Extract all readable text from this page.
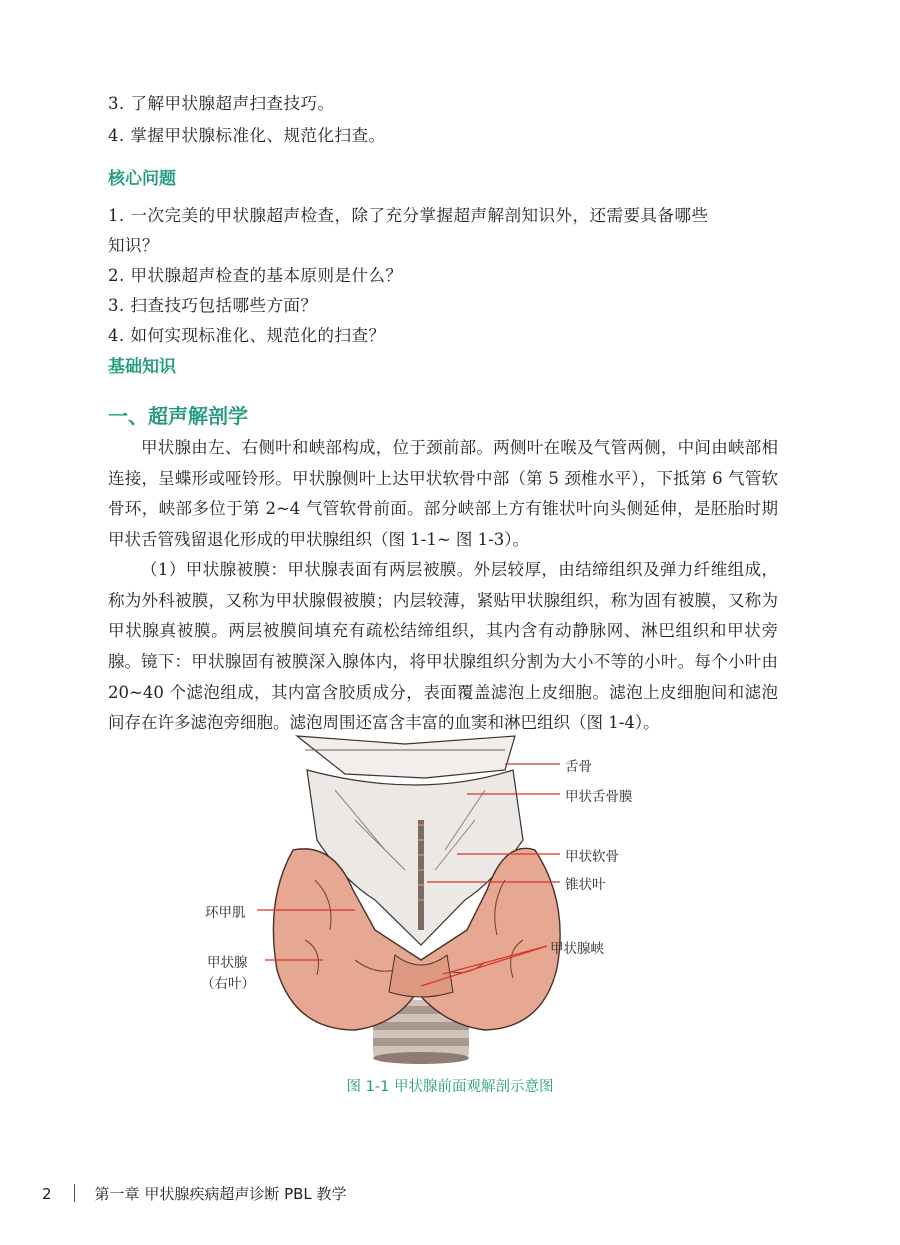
3. 了解甲状腺超声扫查技巧。
4. 掌握甲状腺标准化、规范化扫查。
核心问题
1. 一次完美的甲状腺超声检查，除了充分掌握超声解剖知识外，还需要具备哪些
知识？
2. 甲状腺超声检查的基本原则是什么？
3. 扫查技巧包括哪些方面？
4. 如何实现标准化、规范化的扫查？
基础知识
一、超声解剖学

甲状腺由左、右侧叶和峡部构成，位于颈前部。两侧叶在喉及气管两侧，中间由峡部相连接，呈蝶形或哑铃形。甲状腺侧叶上达甲状软骨中部（第 5 颈椎水平），下抵第 6 气管软骨环，峡部多位于第 2~4 气管软骨前面。部分峡部上方有锥状叶向头侧延伸，是胚胎时期甲状舌管残留退化形成的甲状腺组织（图 1-1~ 图 1-3）。

（1）甲状腺被膜：甲状腺表面有两层被膜。外层较厚，由结缔组织及弹力纤维组成，称为外科被膜，又称为甲状腺假被膜；内层较薄，紧贴甲状腺组织，称为固有被膜，又称为甲状腺真被膜。两层被膜间填充有疏松结缔组织，其内含有动静脉网、淋巴组织和甲状旁腺。 镜下：甲状腺固有被膜深入腺体内，将甲状腺组织分割为大小不等的小叶。每个小叶由 20~40 个滤泡组成，其内富含胶质成分，表面覆盖滤泡上皮细胞。滤泡上皮细胞间和滤泡间存在许多滤泡旁细胞。滤泡周围还富含丰富的血窦和淋巴组织（图 1-4）。

舌骨
甲状舌骨膜
甲状软骨
锥状叶
环甲肌
甲状腺
（右叶）
甲状腺峡
图 1-1 甲状腺前面观解剖示意图
2	第一章 甲状腺疾病超声诊断 PBL 教学
